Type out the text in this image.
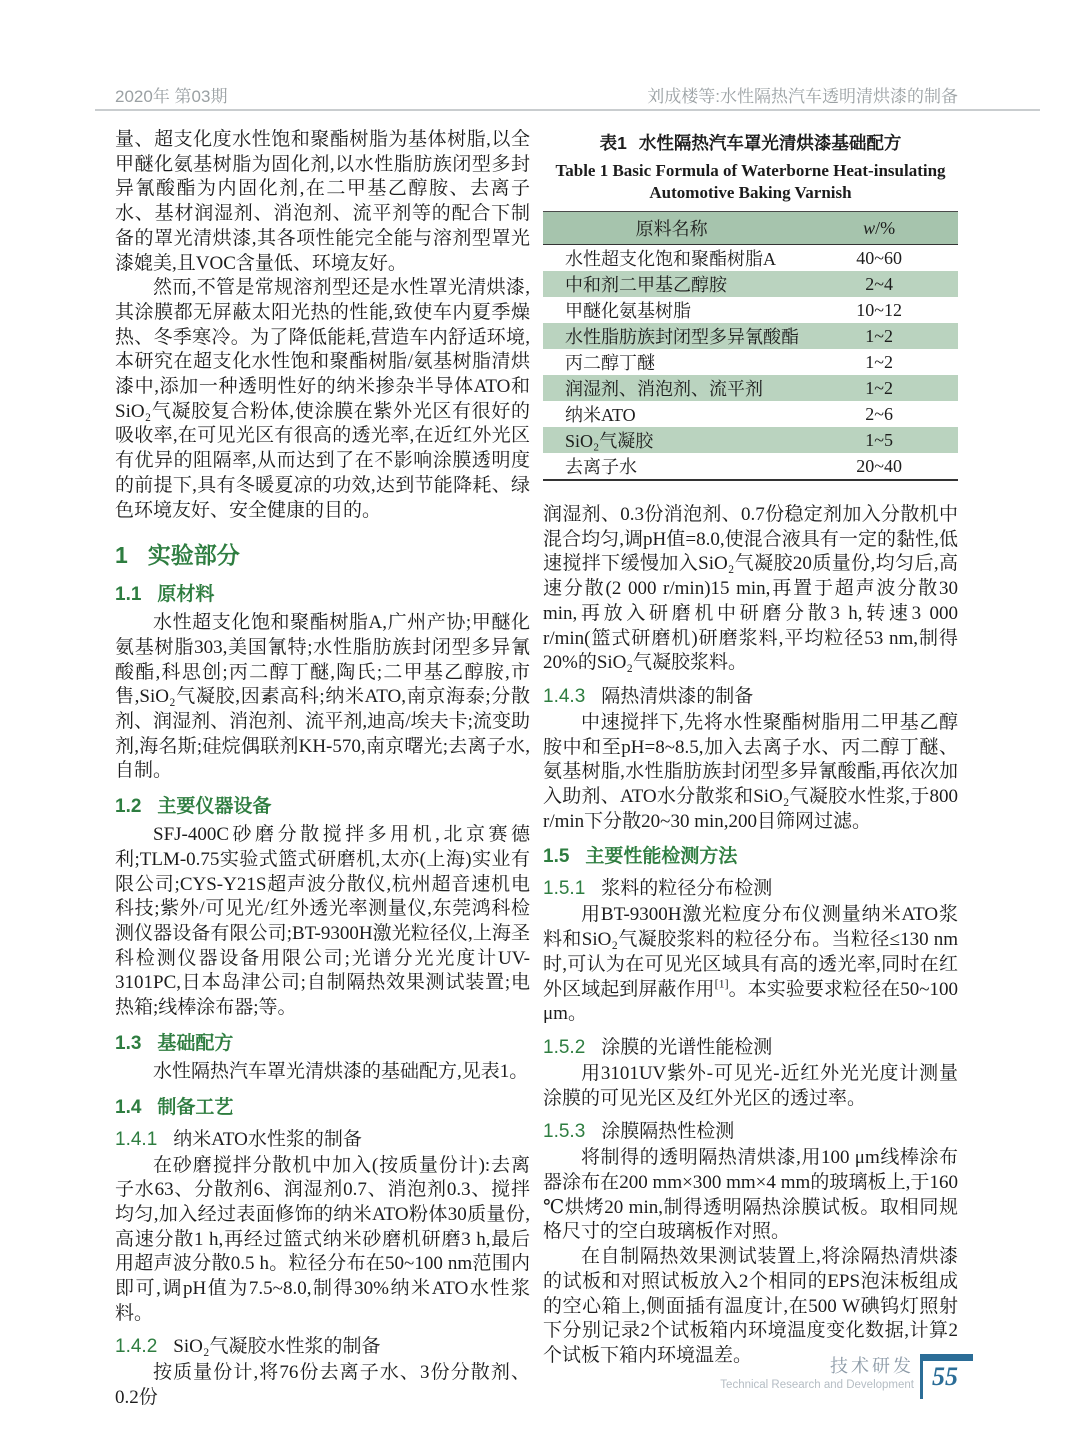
2020年 第03期	刘成楼等:水性隔热汽车透明清烘漆的制备

量、超支化度水性饱和聚酯树脂为基体树脂,以全甲醚化氨基树脂为固化剂,以水性脂肪族闭型多封异氰酸酯为内固化剂,在二甲基乙醇胺、去离子水、基材润湿剂、消泡剂、流平剂等的配合下制备的罩光清烘漆,其各项性能完全能与溶剂型罩光漆媲美,且VOC含量低、环境友好。

然而,不管是常规溶剂型还是水性罩光清烘漆,其涂膜都无屏蔽太阳光热的性能,致使车内夏季燥热、冬季寒冷。为了降低能耗,营造车内舒适环境,本研究在超支化水性饱和聚酯树脂/氨基树脂清烘漆中,添加一种透明性好的纳米掺杂半导体ATO和SiO₂气凝胶复合粉体,使涂膜在紫外光区有很好的吸收率,在可见光区有很高的透光率,在近红外光区有优异的阻隔率,从而达到了在不影响涂膜透明度的前提下,具有冬暖夏凉的功效,达到节能降耗、绿色环境友好、安全健康的目的。

1 实验部分
1.1 原材料

水性超支化饱和聚酯树脂A,广州产协;甲醚化氨基树脂303,美国氰特;水性脂肪族封闭型多异氰酸酯,科思创;丙二醇丁醚,陶氏;二甲基乙醇胺,市售,SiO₂气凝胶,因素高科;纳米ATO,南京海泰;分散剂、润湿剂、消泡剂、流平剂,迪高/埃夫卡;流变助剂,海名斯;硅烷偶联剂KH-570,南京曙光;去离子水,自制。

1.2 主要仪器设备

SFJ-400C砂磨分散搅拌多用机,北京赛德利;TLM-0.75实验式篮式研磨机,太亦(上海)实业有限公司;CYS-Y21S超声波分散仪,杭州超音速机电科技;紫外/可见光/红外透光率测量仪,东莞鸿科检测仪器设备有限公司;BT-9300H激光粒径仪,上海圣科检测仪器设备用限公司;光谱分光光度计UV-3101PC,日本岛津公司;自制隔热效果测试装置;电热箱;线棒涂布器;等。

1.3 基础配方

水性隔热汽车罩光清烘漆的基础配方,见表1。

1.4 制备工艺
1.4.1 纳米ATO水性浆的制备

在砂磨搅拌分散机中加入(按质量份计):去离子水63、分散剂6、润湿剂0.7、消泡剂0.3、搅拌均匀,加入经过表面修饰的纳米ATO粉体30质量份,高速分散1 h,再经过篮式纳米砂磨机研磨3 h,最后用超声波分散0.5 h。粒径分布在50~100 nm范围内即可,调pH值为7.5~8.0,制得30%纳米ATO水性浆料。

1.4.2 SiO₂气凝胶水性浆的制备

按质量份计,将76份去离子水、3份分散剂、0.2份

表1 水性隔热汽车罩光清烘漆基础配方
Table 1 Basic Formula of Waterborne Heat-insulating
Automotive Baking Varnish
原料名称	w/%
水性超支化饱和聚酯树脂A	40~60
中和剂二甲基乙醇胺	2~4
甲醚化氨基树脂	10~12
水性脂肪族封闭型多异氰酸酯	1~2
丙二醇丁醚	1~2
润湿剂、消泡剂、流平剂	1~2
纳米ATO	2~6
SiO₂气凝胶	1~5
去离子水	20~40

润湿剂、0.3份消泡剂、0.7份稳定剂加入分散机中混合均匀,调pH值=8.0,使混合液具有一定的黏性,低速搅拌下缓慢加入SiO₂气凝胶20质量份,均匀后,高速分散(2 000 r/min)15 min,再置于超声波分散30 min,再放入研磨机中研磨分散3 h,转速3 000 r/min(篮式研磨机)研磨浆料,平均粒径53 nm,制得20%的SiO₂气凝胶浆料。

1.4.3 隔热清烘漆的制备

中速搅拌下,先将水性聚酯树脂用二甲基乙醇胺中和至pH=8~8.5,加入去离子水、丙二醇丁醚、氨基树脂,水性脂肪族封闭型多异氰酸酯,再依次加入助剂、ATO水分散浆和SiO₂气凝胶水性浆,于800 r/min下分散20~30 min,200目筛网过滤。

1.5 主要性能检测方法
1.5.1 浆料的粒径分布检测

用BT-9300H激光粒度分布仪测量纳米ATO浆料和SiO₂气凝胶浆料的粒径分布。当粒径≤130 nm时,可认为在可见光区域具有高的透光率,同时在红外区域起到屏蔽作用[1]。本实验要求粒径在50~100 μm。

1.5.2 涂膜的光谱性能检测

用3101UV紫外-可见光-近红外光光度计测量涂膜的可见光区及红外光区的透过率。

1.5.3 涂膜隔热性检测

将制得的透明隔热清烘漆,用100 μm线棒涂布器涂布在200 mm×300 mm×4 mm的玻璃板上,于160 ℃烘烤20 min,制得透明隔热涂膜试板。取相同规格尺寸的空白玻璃板作对照。

在自制隔热效果测试装置上,将涂隔热清烘漆的试板和对照试板放入2个相同的EPS泡沫板组成的空心箱上,侧面插有温度计,在500 W碘钨灯照射下分别记录2个试板箱内环境温度变化数据,计算2个试板下箱内环境温差。

技术研发
Technical Research and Development 55
